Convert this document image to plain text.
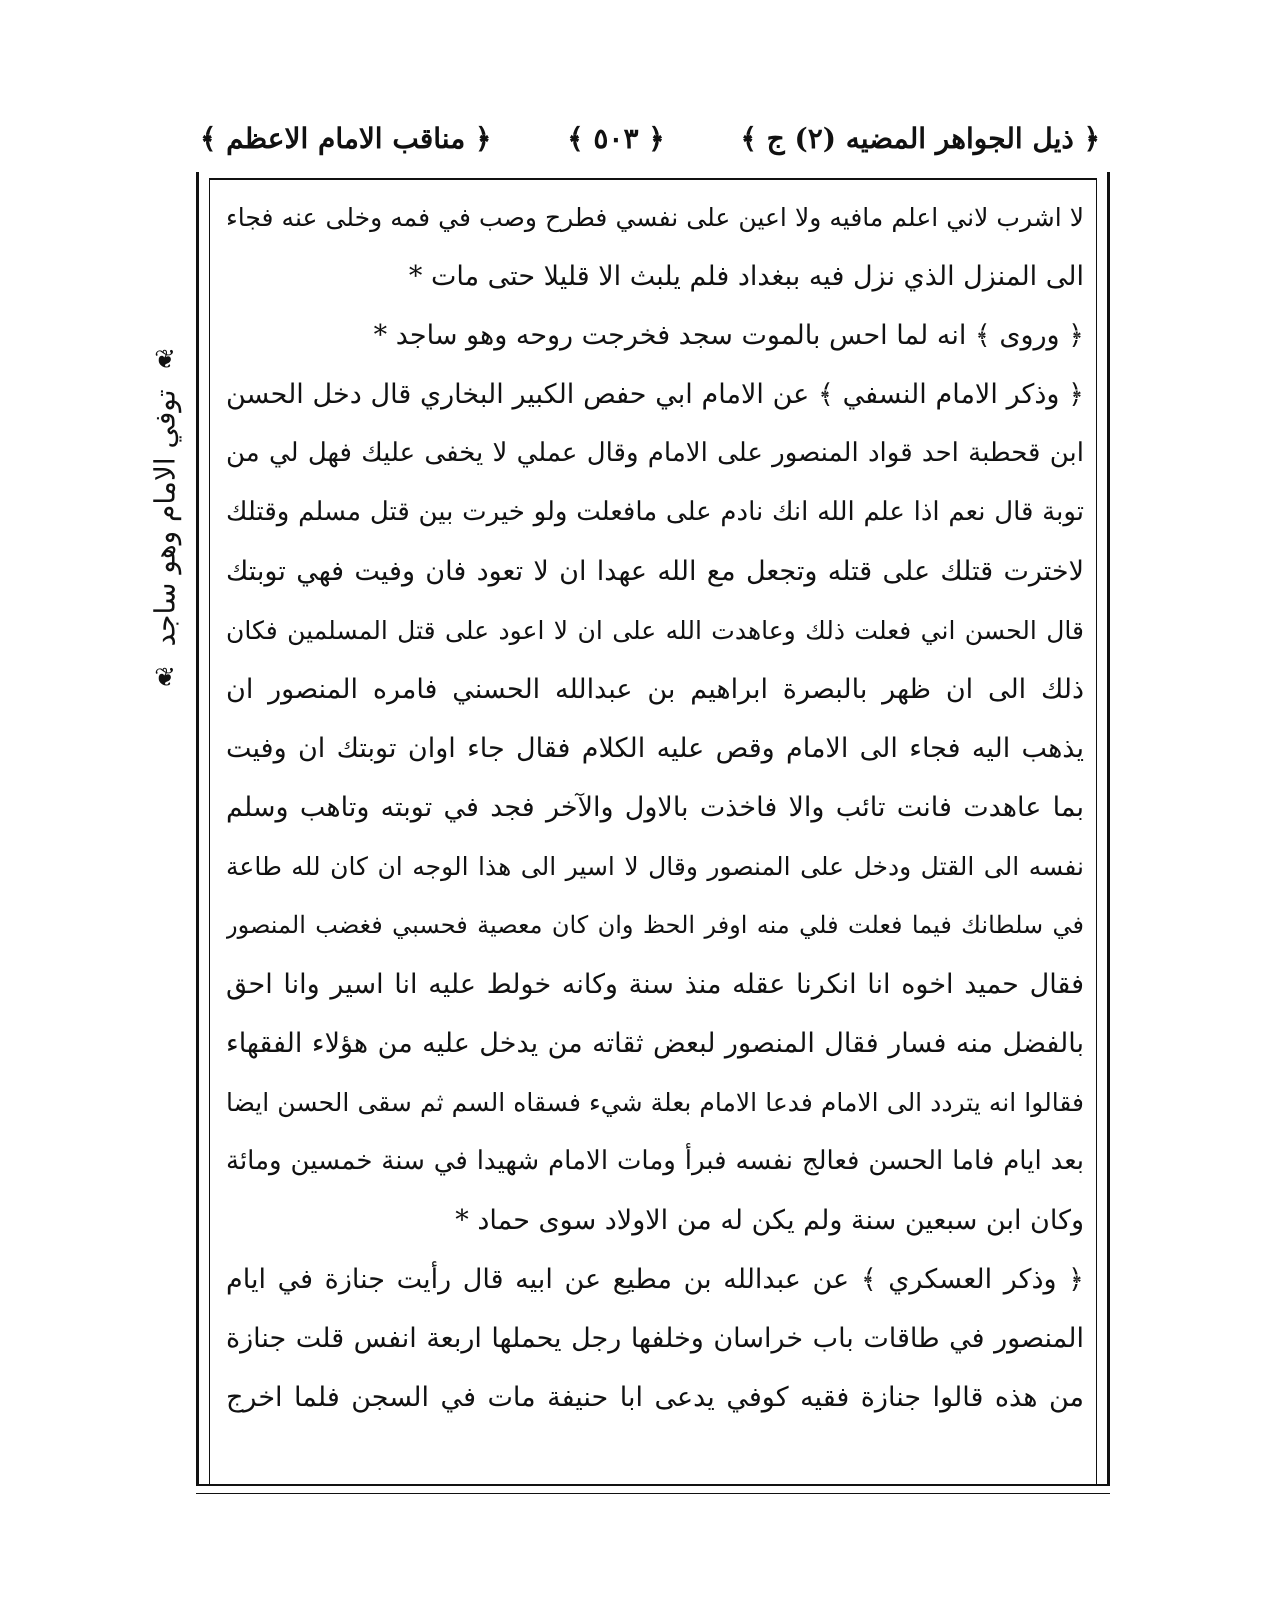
﴿ مناقب الامام الاعظم ﴾	﴿ ٥٠٣ ﴾	﴿ ذيل الجواهر المضيه (٢) ج ﴾
❦
توفي الامام وهو ساجد
❦
لا اشرب لاني اعلم مافيه ولا اعين على نفسي فطرح وصب في فمه وخلى عنه فجاء
الى المنزل الذي نزل فيه ببغداد فلم يلبث الا قليلا حتى مات *
﴿ وروى ﴾ انه لما احس بالموت سجد فخرجت روحه وهو ساجد *
﴿ وذكر الامام النسفي ﴾ عن الامام ابي حفص الكبير البخاري قال دخل الحسن
ابن قحطبة احد قواد المنصور على الامام وقال عملي لا يخفى عليك فهل لي من
توبة قال نعم اذا علم الله انك نادم على مافعلت ولو خيرت بين قتل مسلم وقتلك
لاخترت قتلك على قتله وتجعل مع الله عهدا ان لا تعود فان وفيت فهي توبتك
قال الحسن اني فعلت ذلك وعاهدت الله على ان لا اعود على قتل المسلمين فكان
ذلك الى ان ظهر بالبصرة ابراهيم بن عبدالله الحسني فامره المنصور ان
يذهب اليه فجاء الى الامام وقص عليه الكلام فقال جاء اوان توبتك ان وفيت
بما عاهدت فانت تائب والا فاخذت بالاول والآخر فجد في توبته وتاهب وسلم
نفسه الى القتل ودخل على المنصور وقال لا اسير الى هذا الوجه ان كان لله طاعة
في سلطانك فيما فعلت فلي منه اوفر الحظ وان كان معصية فحسبي فغضب المنصور
فقال حميد اخوه انا انكرنا عقله منذ سنة وكانه خولط عليه انا اسير وانا احق
بالفضل منه فسار فقال المنصور لبعض ثقاته من يدخل عليه من هؤلاء الفقهاء
فقالوا انه يتردد الى الامام فدعا الامام بعلة شيء فسقاه السم ثم سقى الحسن ايضا
بعد ايام فاما الحسن فعالج نفسه فبرأ ومات الامام شهيدا في سنة خمسين ومائة
وكان ابن سبعين سنة ولم يكن له من الاولاد سوى حماد *
﴿ وذكر العسكري ﴾ عن عبدالله بن مطيع عن ابيه قال رأيت جنازة في ايام
المنصور في طاقات باب خراسان وخلفها رجل يحملها اربعة انفس قلت جنازة
من هذه قالوا جنازة فقيه كوفي يدعى ابا حنيفة مات في السجن فلما اخرج
